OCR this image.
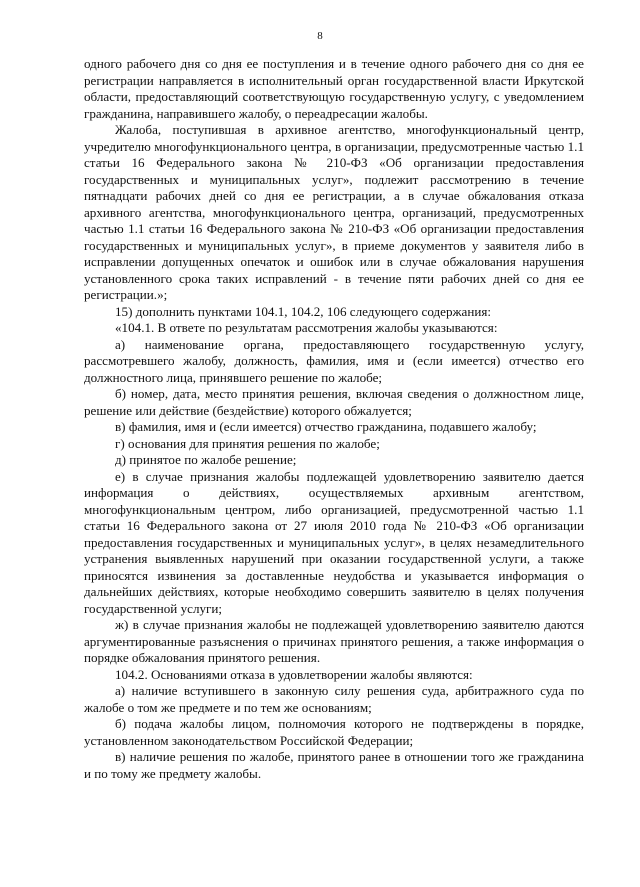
8

одного рабочего дня со дня ее поступления и в течение одного рабочего дня со дня ее регистрации направляется в исполнительный орган государственной власти Иркутской области, предоставляющий соответствующую государственную услугу, с уведомлением гражданина, направившего жалобу, о переадресации жалобы.

Жалоба, поступившая в архивное агентство, многофункциональный центр, учредителю многофункционального центра, в организации, предусмотренные частью 1.1 статьи 16 Федерального закона № 210-ФЗ «Об организации предоставления государственных и муниципальных услуг», подлежит рассмотрению в течение пятнадцати рабочих дней со дня ее регистрации, а в случае обжалования отказа архивного агентства, многофункционального центра, организаций, предусмотренных частью 1.1 статьи 16 Федерального закона № 210-ФЗ «Об организации предоставления государственных и муниципальных услуг», в приеме документов у заявителя либо в исправлении допущенных опечаток и ошибок или в случае обжалования нарушения установленного срока таких исправлений - в течение пяти рабочих дней со дня ее регистрации.»;

15) дополнить пунктами 104.1, 104.2, 106 следующего содержания:

«104.1. В ответе по результатам рассмотрения жалобы указываются:

а) наименование органа, предоставляющего государственную услугу, рассмотревшего жалобу, должность, фамилия, имя и (если имеется) отчество его должностного лица, принявшего решение по жалобе;

б) номер, дата, место принятия решения, включая сведения о должностном лице, решение или действие (бездействие) которого обжалуется;

в) фамилия, имя и (если имеется) отчество гражданина, подавшего жалобу;

г) основания для принятия решения по жалобе;

д) принятое по жалобе решение;

е) в случае признания жалобы подлежащей удовлетворению заявителю дается информация о действиях, осуществляемых архивным агентством, многофункциональным центром, либо организацией, предусмотренной частью 1.1 статьи 16 Федерального закона от 27 июля 2010 года № 210-ФЗ «Об организации предоставления государственных и муниципальных услуг», в целях незамедлительного устранения выявленных нарушений при оказании государственной услуги, а также приносятся извинения за доставленные неудобства и указывается информация о дальнейших действиях, которые необходимо совершить заявителю в целях получения государственной услуги;

ж) в случае признания жалобы не подлежащей удовлетворению заявителю даются аргументированные разъяснения о причинах принятого решения, а также информация о порядке обжалования принятого решения.

104.2. Основаниями отказа в удовлетворении жалобы являются:

а) наличие вступившего в законную силу решения суда, арбитражного суда по жалобе о том же предмете и по тем же основаниям;

б) подача жалобы лицом, полномочия которого не подтверждены в порядке, установленном законодательством Российской Федерации;

в) наличие решения по жалобе, принятого ранее в отношении того же гражданина и по тому же предмету жалобы.
